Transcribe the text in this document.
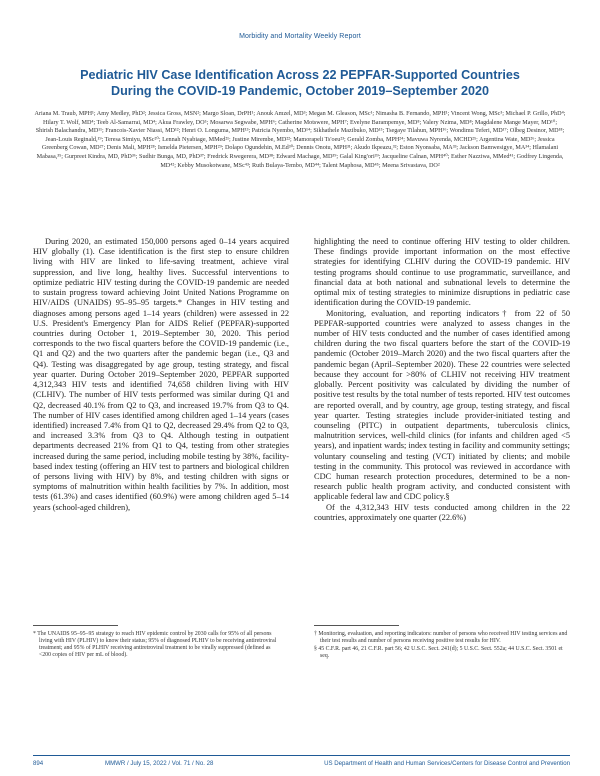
Morbidity and Mortality Weekly Report
Pediatric HIV Case Identification Across 22 PEPFAR-Supported Countries
During the COVID-19 Pandemic, October 2019–September 2020
Ariana M. Traub, MPH¹; Amy Medley, PhD²; Jessica Gross, MSN²; Margo Sloan, DrPH¹; Anouk Amzel, MD³; Megan M. Gleason, MSc¹; Nimasha B. Fernando, MPH¹; Vincent Wong, MSc³; Michael P. Grillo, PhD⁴; Hilary T. Wolf, MD⁴; Teeb Al-Samarrai, MD⁴; Akua Frawley, DO⁵; Mosarwa Segwabe, MPH⁶; Catherine Motswere, MPH⁷; Evelyne Barampemye, MD⁸; Valery Nzima, MD⁸; Magdalene Mange Mayer, MD¹⁰; Shirish Balachandra, MD¹¹; Francois-Xavier Niassi, MD¹²; Henri O. Longuma, MPH¹³; Patricia Nyembo, MD¹⁴; Sikhathele Mazibuko, MD¹⁵; Tsegaye Tilahun, MPH¹⁶; Wondimu Teferi, MD¹⁷; Olbeg Desinor, MD¹⁸; Jean-Louis Reginald,¹⁹; Teresa Simiyu, MSc²⁰; Lennah Nyabiage, MMed²¹; Justine Mirembe, MD²²; Mamorapeli Ts'oeu²³; Gerald Zomba, MPH²⁴; Mavuwa Nyrenda, MCHD²⁵; Argentina Wate, MD²⁶; Jessica Greenberg Cowan, MD²⁷; Denis Mali, MPH²⁸; Ismelda Pietersen, MPH²⁹; Dolapo Ogundehin, M.Ed³⁰; Dennis Onotu, MPH³¹; Akudo Ikpeazu,³²; Eston Nyonsaba, MA³³; Jackson Bamwesigye, MA³⁴; Hlamalani Mabasa,³⁵; Gurpreet Kindra, MD, PhD³⁶; Sudhir Bunga, MD, PhD³⁷; Fredrick Rwegerera, MD³⁸; Edward Machage, MD³⁹; Galal King'ori³⁹; Jacqueline Calnan, MPH⁴⁰; Esther Nazziwa, MMed⁴¹; Godfrey Lingenda, MD⁴²; Kebby Musokotwane, MSc⁴³; Ruth Bulaya-Tembo, MD⁴⁴; Talent Maphosa, MD⁴⁵; Meena Srivastava, DO²

During 2020, an estimated 150,000 persons aged 0–14 years acquired HIV globally (1). Case identification is the first step to ensure children living with HIV are linked to life-saving treatment, achieve viral suppression, and live long, healthy lives. Successful interventions to optimize pediatric HIV testing during the COVID-19 pandemic are needed to sustain progress toward achieving Joint United Nations Programme on HIV/AIDS (UNAIDS) 95–95–95 targets.* Changes in HIV testing and diagnoses among persons aged 1–14 years (children) were assessed in 22 U.S. President's Emergency Plan for AIDS Relief (PEPFAR)-supported countries during October 1, 2019–September 30, 2020. This period corresponds to the two fiscal quarters before the COVID-19 pandemic (i.e., Q1 and Q2) and the two quarters after the pandemic began (i.e., Q3 and Q4). Testing was disaggregated by age group, testing strategy, and fiscal year quarter. During October 2019–September 2020, PEPFAR supported 4,312,343 HIV tests and identified 74,658 children living with HIV (CLHIV). The number of HIV tests performed was similar during Q1 and Q2, decreased 40.1% from Q2 to Q3, and increased 19.7% from Q3 to Q4. The number of HIV cases identified among children aged 1–14 years (cases identified) increased 7.4% from Q1 to Q2, decreased 29.4% from Q2 to Q3, and increased 3.3% from Q3 to Q4. Although testing in outpatient departments decreased 21% from Q1 to Q4, testing from other strategies increased during the same period, including mobile testing by 38%, facility-based index testing (offering an HIV test to partners and biological children of persons living with HIV) by 8%, and testing children with signs or symptoms of malnutrition within health facilities by 7%. In addition, most tests (61.3%) and cases identified (60.9%) were among children aged 5–14 years (school-aged children),

highlighting the need to continue offering HIV testing to older children. These findings provide important information on the most effective strategies for identifying CLHIV during the COVID-19 pandemic. HIV testing programs should continue to use programmatic, surveillance, and financial data at both national and subnational levels to determine the optimal mix of testing strategies to minimize disruptions in pediatric case identification during the COVID-19 pandemic.

Monitoring, evaluation, and reporting indicators† from 22 of 50 PEPFAR-supported countries were analyzed to assess changes in the number of HIV tests conducted and the number of cases identified among children during the two fiscal quarters before the start of the COVID-19 pandemic (October 2019–March 2020) and the two fiscal quarters after the pandemic began (April–September 2020). These 22 countries were selected because they account for >80% of CLHIV not receiving HIV treatment globally. Percent positivity was calculated by dividing the number of positive test results by the total number of tests reported. HIV test outcomes are reported overall, and by country, age group, testing strategy, and fiscal year quarter. Testing strategies include provider-initiated testing and counseling (PITC) in outpatient departments, tuberculosis clinics, malnutrition services, well-child clinics (for infants and children aged <5 years), and inpatient wards; index testing in facility and community settings; voluntary counseling and testing (VCT) initiated by clients; and mobile testing in the community. This protocol was reviewed in accordance with CDC human research protection procedures, determined to be a non-research public health program activity, and conducted consistent with applicable federal law and CDC policy.§

Of the 4,312,343 HIV tests conducted among children in the 22 countries, approximately one quarter (22.6%)

* The UNAIDS 95–95–95 strategy to reach HIV epidemic control by 2030 calls for 95% of all persons living with HIV (PLHIV) to know their status; 95% of diagnosed PLHIV to be receiving antiretroviral treatment; and 95% of PLHIV receiving antiretroviral treatment to be virally suppressed (defined as <200 copies of HIV per mL of blood).

† Monitoring, evaluation, and reporting indicators: number of persons who received HIV testing services and their test results and number of persons receiving positive test results for HIV.

§ 45 C.F.R. part 46, 21 C.F.R. part 56; 42 U.S.C. Sect. 241(d); 5 U.S.C. Sect. 552a; 44 U.S.C. Sect. 3501 et seq.

894	MMWR / July 15, 2022 / Vol. 71 / No. 28	US Department of Health and Human Services/Centers for Disease Control and Prevention
